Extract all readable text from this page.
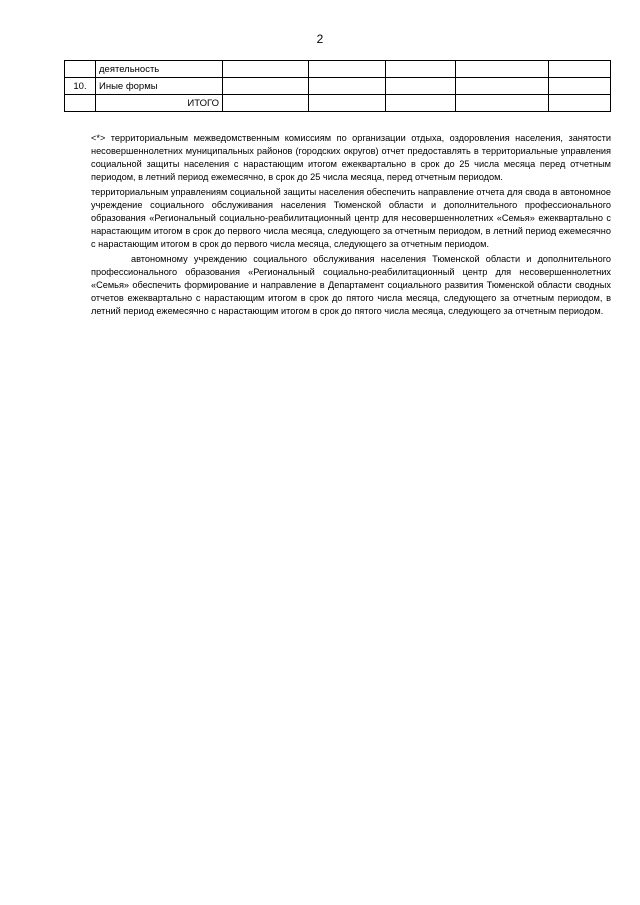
2
	деятельность					
10.	Иные формы					
	ИТОГО					

<*> территориальным межведомственным комиссиям по организации отдыха, оздоровления населения, занятости несовершеннолетних муниципальных районов (городских округов) отчет предоставлять в территориальные управления социальной защиты населения с нарастающим итогом ежеквартально в срок до 25 числа месяца перед отчетным периодом, в летний период ежемесячно, в срок до 25 числа месяца, перед отчетным периодом.

территориальным управлениям социальной защиты населения обеспечить направление отчета для свода в автономное учреждение социального обслуживания населения Тюменской области и дополнительного профессионального образования «Региональный социально-реабилитационный центр для несовершеннолетних «Семья» ежеквартально с нарастающим итогом в срок до первого числа месяца, следующего за отчетным периодом, в летний период ежемесячно с нарастающим итогом в срок до первого числа месяца, следующего за отчетным периодом.

автономному учреждению социального обслуживания населения Тюменской области и дополнительного профессионального образования «Региональный социально-реабилитационный центр для несовершеннолетних «Семья» обеспечить формирование и направление в Департамент социального развития Тюменской области сводных отчетов ежеквартально с нарастающим итогом в срок до пятого числа месяца, следующего за отчетным периодом, в летний период ежемесячно с нарастающим итогом в срок до пятого числа месяца, следующего за отчетным периодом.
